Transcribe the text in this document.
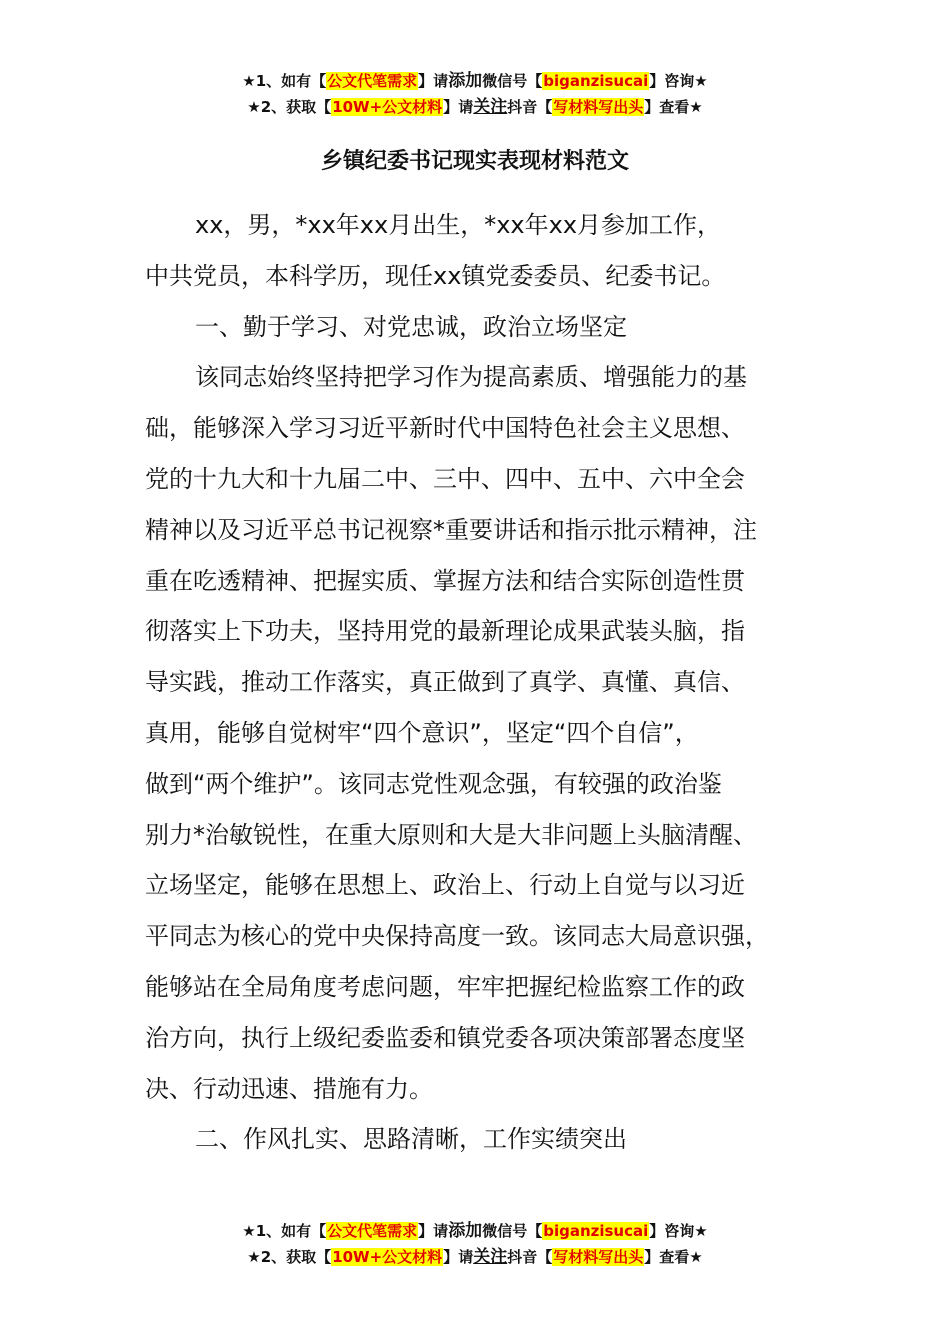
★1、如有【公文代笔需求】请添加微信号【biganzisucai】咨询★
★2、获取【10W+公文材料】请关注抖音【写材料写出头】查看★
乡镇纪委书记现实表现材料范文

xx，男，*xx年xx月出生，*xx年xx月参加工作，

中共党员，本科学历，现任xx镇党委委员、纪委书记。

一、勤于学习、对党忠诚，政治立场坚定

该同志始终坚持把学习作为提高素质、增强能力的基

础，能够深入学习习近平新时代中国特色社会主义思想、

党的十九大和十九届二中、三中、四中、五中、六中全会

精神以及习近平总书记视察*重要讲话和指示批示精神，注

重在吃透精神、把握实质、掌握方法和结合实际创造性贯

彻落实上下功夫，坚持用党的最新理论成果武装头脑，指

导实践，推动工作落实，真正做到了真学、真懂、真信、

真用，能够自觉树牢“四个意识”，坚定“四个自信”，

做到“两个维护”。该同志党性观念强，有较强的政治鉴

别力*治敏锐性，在重大原则和大是大非问题上头脑清醒、

立场坚定，能够在思想上、政治上、行动上自觉与以习近

平同志为核心的党中央保持高度一致。该同志大局意识强，

能够站在全局角度考虑问题，牢牢把握纪检监察工作的政

治方向，执行上级纪委监委和镇党委各项决策部署态度坚

决、行动迅速、措施有力。

二、作风扎实、思路清晰，工作实绩突出

★1、如有【公文代笔需求】请添加微信号【biganzisucai】咨询★
★2、获取【10W+公文材料】请关注抖音【写材料写出头】查看★
